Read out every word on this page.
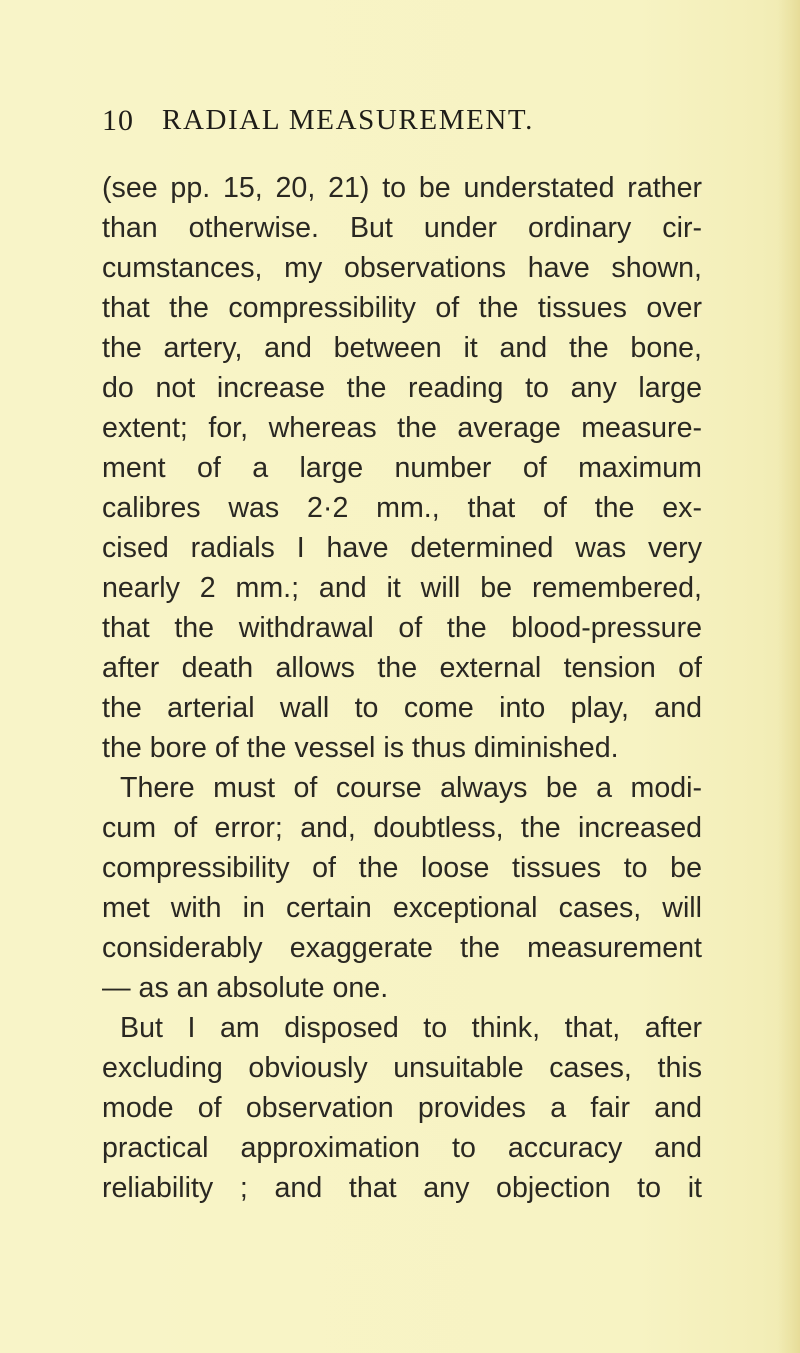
10 RADIAL MEASUREMENT.
(see pp. 15, 20, 21) to be understated rather
than otherwise. But under ordinary cir-
cumstances, my observations have shown,
that the compressibility of the tissues over
the artery, and between it and the bone,
do not increase the reading to any large
extent; for, whereas the average measure-
ment of a large number of maximum
calibres was 2·2 mm., that of the ex-
cised radials I have determined was very
nearly 2 mm.; and it will be remembered,
that the withdrawal of the blood-pressure
after death allows the external tension of
the arterial wall to come into play, and
the bore of the vessel is thus diminished.
There must of course always be a modi-
cum of error; and, doubtless, the increased
compressibility of the loose tissues to be
met with in certain exceptional cases, will
considerably exaggerate the measurement
— as an absolute one.
But I am disposed to think, that, after
excluding obviously unsuitable cases, this
mode of observation provides a fair and
practical approximation to accuracy and
reliability ; and that any objection to it
